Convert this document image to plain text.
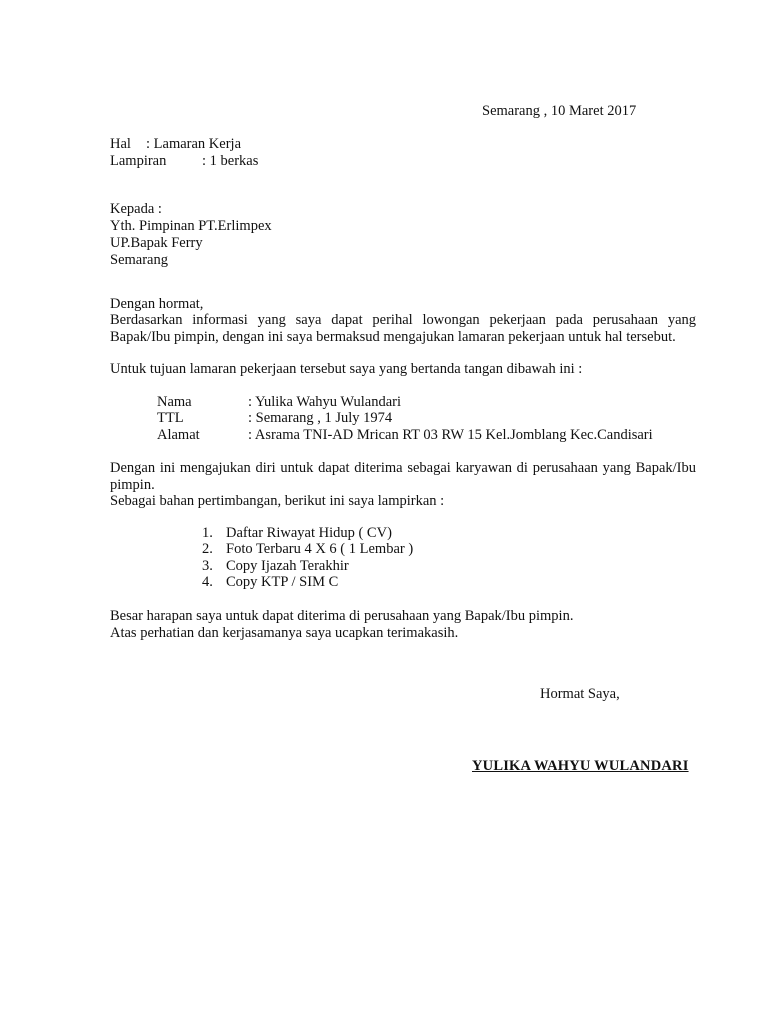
Semarang , 10 Maret 2017
Hal : Lamaran Kerja
Lampiran : 1 berkas
Kepada :
Yth. Pimpinan PT.Erlimpex
UP.Bapak Ferry
Semarang
Dengan hormat,
Berdasarkan informasi yang saya dapat perihal lowongan pekerjaan pada perusahaan yang Bapak/Ibu pimpin, dengan ini saya bermaksud mengajukan lamaran pekerjaan untuk hal tersebut.
Untuk tujuan lamaran pekerjaan tersebut saya yang bertanda tangan dibawah ini :
Nama	: Yulika Wahyu Wulandari
TTL	: Semarang , 1 July 1974
Alamat	: Asrama TNI-AD Mrican RT 03 RW 15 Kel.Jomblang Kec.Candisari
Dengan ini mengajukan diri untuk dapat diterima sebagai karyawan di perusahaan yang Bapak/Ibu pimpin.
Sebagai bahan pertimbangan, berikut ini saya lampirkan :
1. Daftar Riwayat Hidup ( CV)
2. Foto Terbaru 4 X 6 ( 1 Lembar )
3. Copy Ijazah Terakhir
4. Copy KTP / SIM C
Besar harapan saya untuk dapat diterima di perusahaan yang Bapak/Ibu pimpin.
Atas perhatian dan kerjasamanya saya ucapkan terimakasih.
Hormat Saya,
YULIKA WAHYU WULANDARI
